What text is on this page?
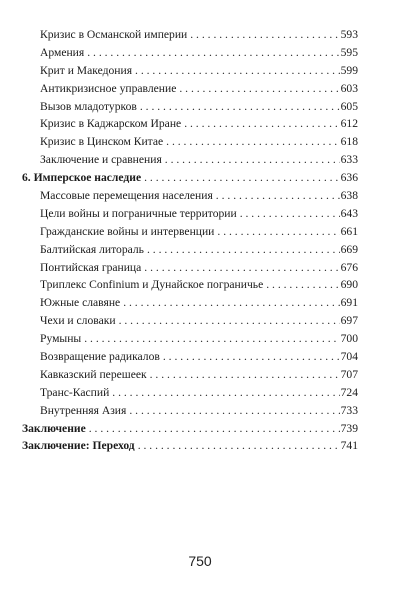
Кризис в Османской империи . . .	593
Армения . . .	595
Крит и Македония . . .	599
Антикризисное управление . . .	603
Вызов младотурков . . .	605
Кризис в Каджарском Иране . . .	612
Кризис в Цинском Китае . . .	618
Заключение и сравнения . . .	633
6. Имперское наследие . . .	636
Массовые перемещения населения . . .	638
Цели войны и пограничные территории . . .	643
Гражданские войны и интервенции . . .	661
Балтийская литораль . . .	669
Понтийская граница . . .	676
Триплекс Confinium и Дунайское пограничье . . .	690
Южные славяне . . .	691
Чехи и словаки . . .	697
Румыны . . .	700
Возвращение радикалов . . .	704
Кавказский перешеек . . .	707
Транс-Каспий . . .	724
Внутренняя Азия . . .	733
Заключение . . .	739
Заключение: Переход . . .	741
750
